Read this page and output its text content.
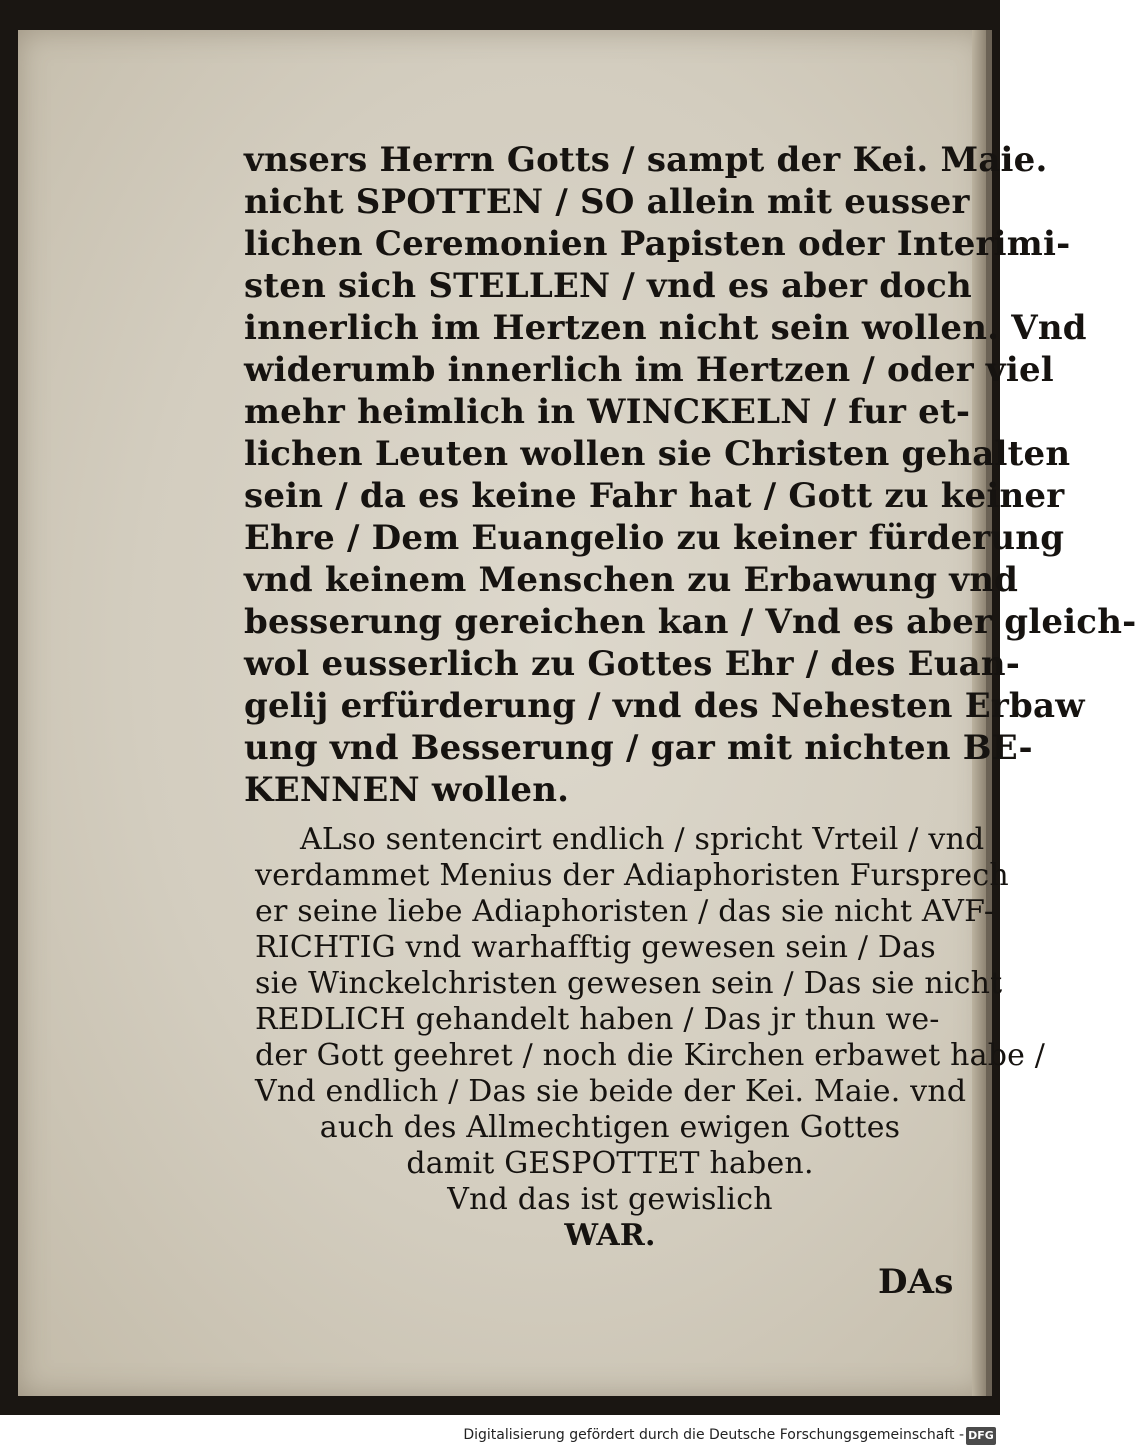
vnsers Herrn Gotts / sampt der Kei. Maie.
nicht SPOTTEN / SO allein mit eusser
lichen Ceremonien Papisten oder Interimi-
sten sich STELLEN / vnd es aber doch
innerlich im Hertzen nicht sein wollen. Vnd
widerumb innerlich im Hertzen / oder viel
mehr heimlich in WINCKELN / fur et-
lichen Leuten wollen sie Christen gehalten
sein / da es keine Fahr hat / Gott zu keiner
Ehre / Dem Euangelio zu keiner fürderung
vnd keinem Menschen zu Erbawung vnd
besserung gereichen kan / Vnd es aber gleich-
wol eusserlich zu Gottes Ehr / des Euan-
gelij erfürderung / vnd des Nehesten Erbaw
ung vnd Besserung / gar mit nichten BE-
KENNEN wollen.
ALso sentencirt endlich / spricht Vrteil / vnd
verdammet Menius der Adiaphoristen Fursprech
er seine liebe Adiaphoristen / das sie nicht AVF-
RICHTIG vnd warhafftig gewesen sein / Das
sie Winckelchristen gewesen sein / Das sie nicht
REDLICH gehandelt haben / Das jr thun we-
der Gott geehret / noch die Kirchen erbawet habe /
Vnd endlich / Das sie beide der Kei. Maie. vnd
auch des Allmechtigen ewigen Gottes
damit GESPOTTET haben.
Vnd das ist gewislich
WAR.
DAs
Digitalisierung gefördert durch die Deutsche Forschungsgemeinschaft - DFG
